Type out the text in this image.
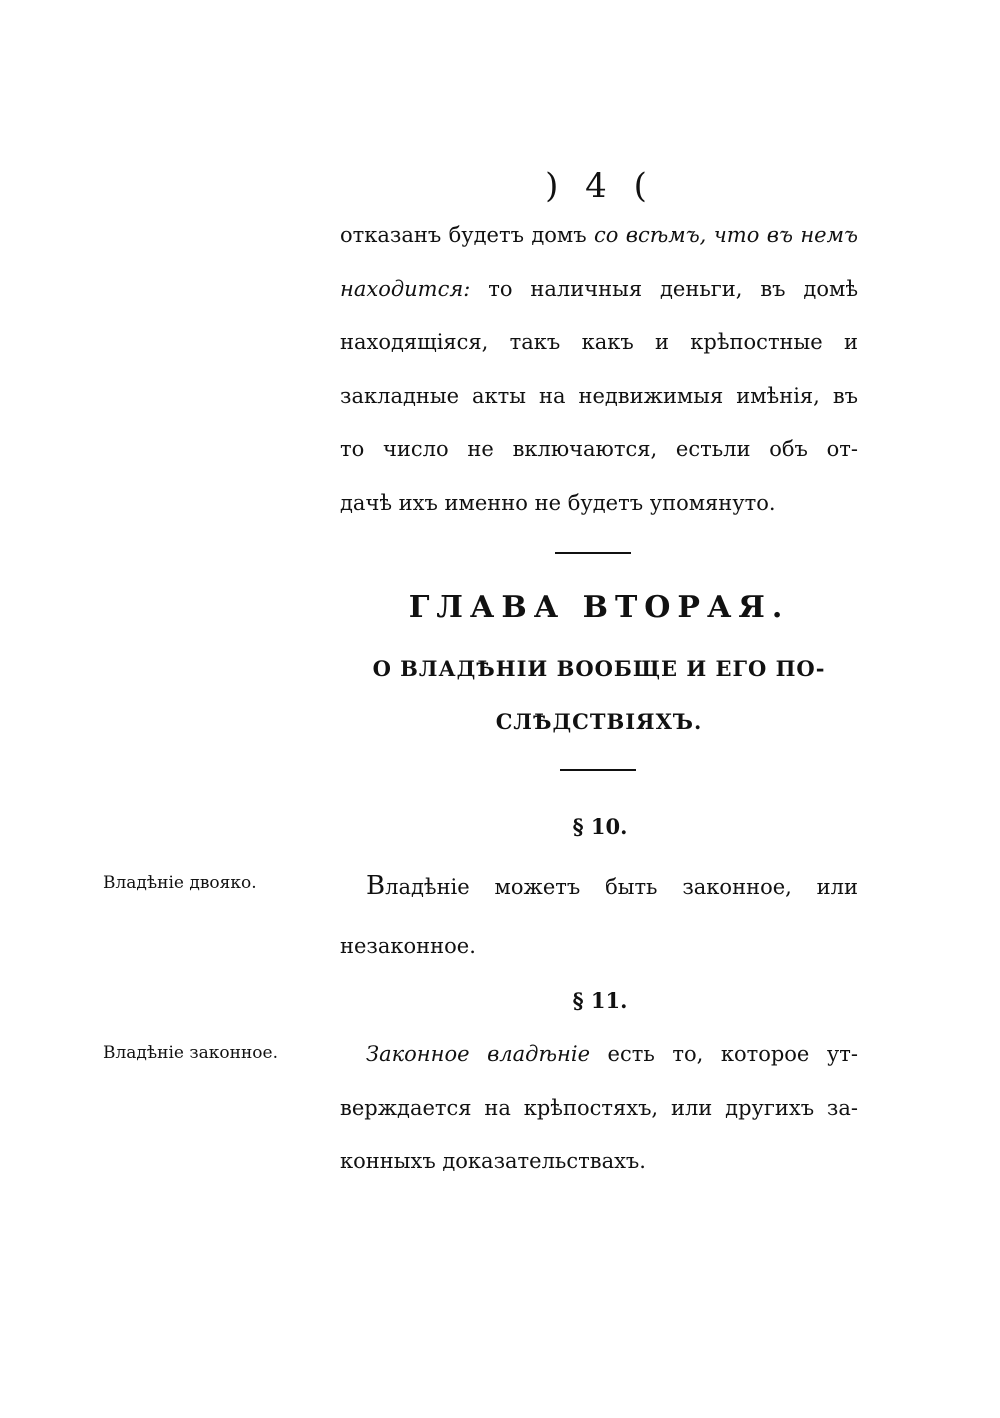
) 4 (
отказанъ будетъ домъ со всѣмъ, что въ немъ
находится: то наличныя деньги, въ домѣ
находящіяся, такъ какъ и крѣпостные и
закладные акты на недвижимыя имѣнія, въ
то число не включаются, естьли объ от-
дачѣ ихъ именно не будетъ упомянуто.
ГЛАВА ВТОРАЯ.
О ВЛАДѢНІИ ВООБЩЕ И ЕГО ПО-
СЛѢДСТВІЯХЪ.
§ 10.
Владѣніе двояко.	Владѣніе можетъ быть законное, или
незаконное.
§ 11.
Владѣніе законное.	Законное владѣніе есть то, которое ут-
верждается на крѣпостяхъ, или другихъ за-
конныхъ доказательствахъ.
